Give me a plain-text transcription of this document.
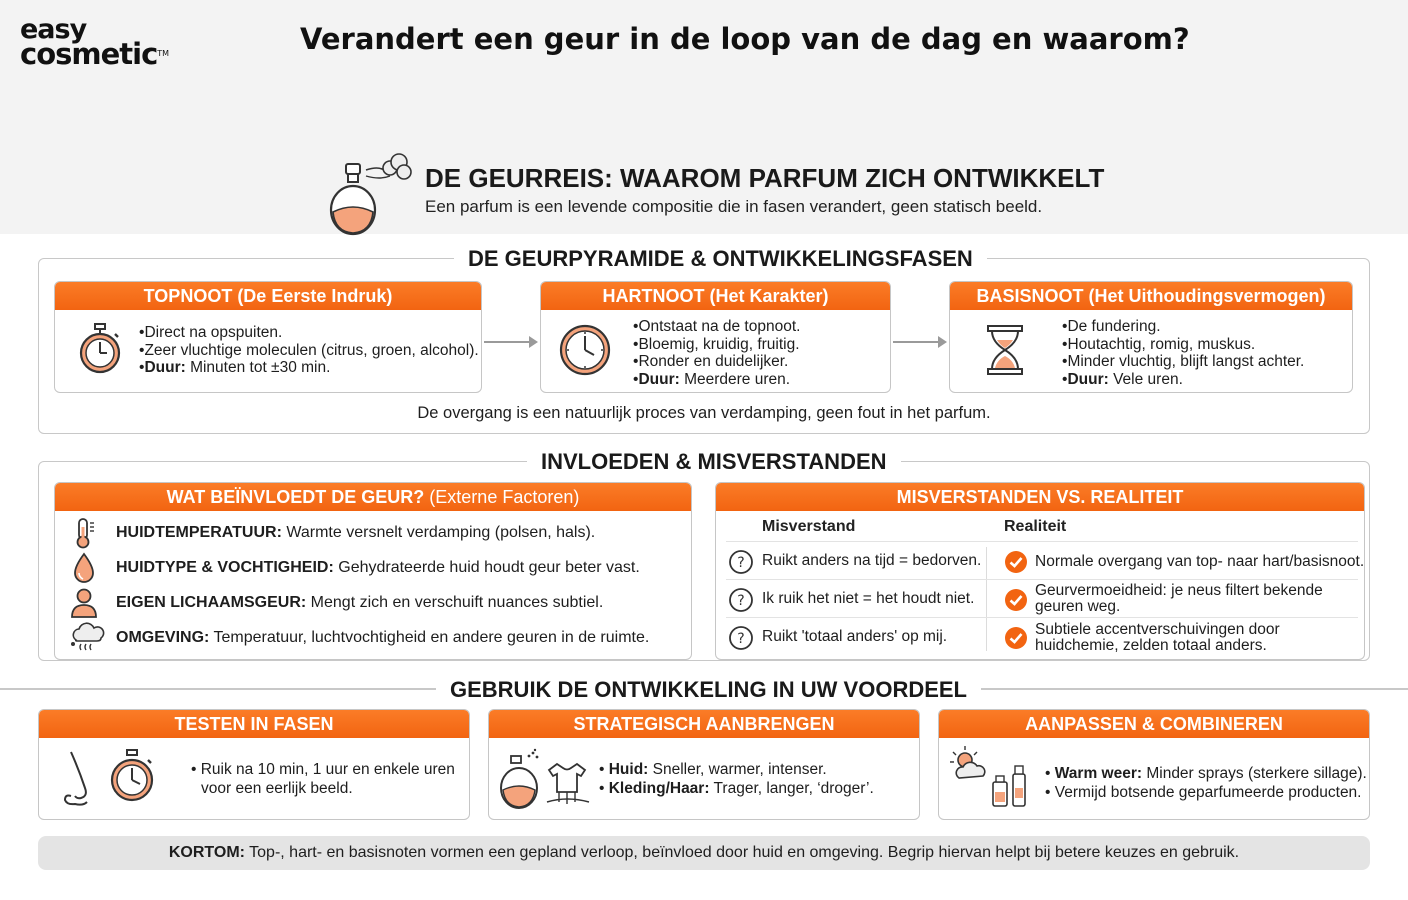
easy
cosmetic™	Verandert een geur in de loop van de dag en waarom?
DE GEURREIS: WAAROM PARFUM ZICH ONTWIKKELT
Een parfum is een levende compositie die in fasen verandert, geen statisch beeld.
DE GEURPYRAMIDE & ONTWIKKELINGSFASEN
TOPNOOT (De Eerste Indruk)
• Direct na opspuiten.
• Zeer vluchtige moleculen (citrus, groen, alcohol).
• Duur: Minuten tot ±30 min.
HARTNOOT (Het Karakter)
• Ontstaat na de topnoot.
• Bloemig, kruidig, fruitig.
• Ronder en duidelijker.
• Duur: Meerdere uren.
BASISNOOT (Het Uithoudingsvermogen)
• De fundering.
• Houtachtig, romig, muskus.
• Minder vluchtig, blijft langst achter.
• Duur: Vele uren.
De overgang is een natuurlijk proces van verdamping, geen fout in het parfum.
INVLOEDEN & MISVERSTANDEN
WAT BEÏNVLOEDT DE GEUR? (Externe Factoren)
HUIDTEMPERATUUR: Warmte versnelt verdamping (polsen, hals).
HUIDTYPE & VOCHTIGHEID: Gehydrateerde huid houdt geur beter vast.
EIGEN LICHAAMSGEUR: Mengt zich en verschuift nuances subtiel.
OMGEVING: Temperatuur, luchtvochtigheid en andere geuren in de ruimte.
MISVERSTANDEN VS. REALITEIT
Misverstand	Realiteit
? Ruikt anders na tijd = bedorven.	Normale overgang van top- naar hart/basisnoot.
? Ik ruik het niet = het houdt niet.	Geurvermoeidheid: je neus filtert bekende geuren weg.
? Ruikt 'totaal anders' op mij.	Subtiele accentverschuivingen door huidchemie, zelden totaal anders.
GEBRUIK DE ONTWIKKELING IN UW VOORDEEL
TESTEN IN FASEN
• Ruik na 10 min, 1 uur en enkele uren voor een eerlijk beeld.
STRATEGISCH AANBRENGEN
• Huid: Sneller, warmer, intenser.
• Kleding/Haar: Trager, langer, ‘droger’.
AANPASSEN & COMBINEREN
• Warm weer: Minder sprays (sterkere sillage).
• Vermijd botsende geparfumeerde producten.
KORTOM: Top-, hart- en basisnoten vormen een gepland verloop, beïnvloed door huid en omgeving. Begrip hiervan helpt bij betere keuzes en gebruik.
